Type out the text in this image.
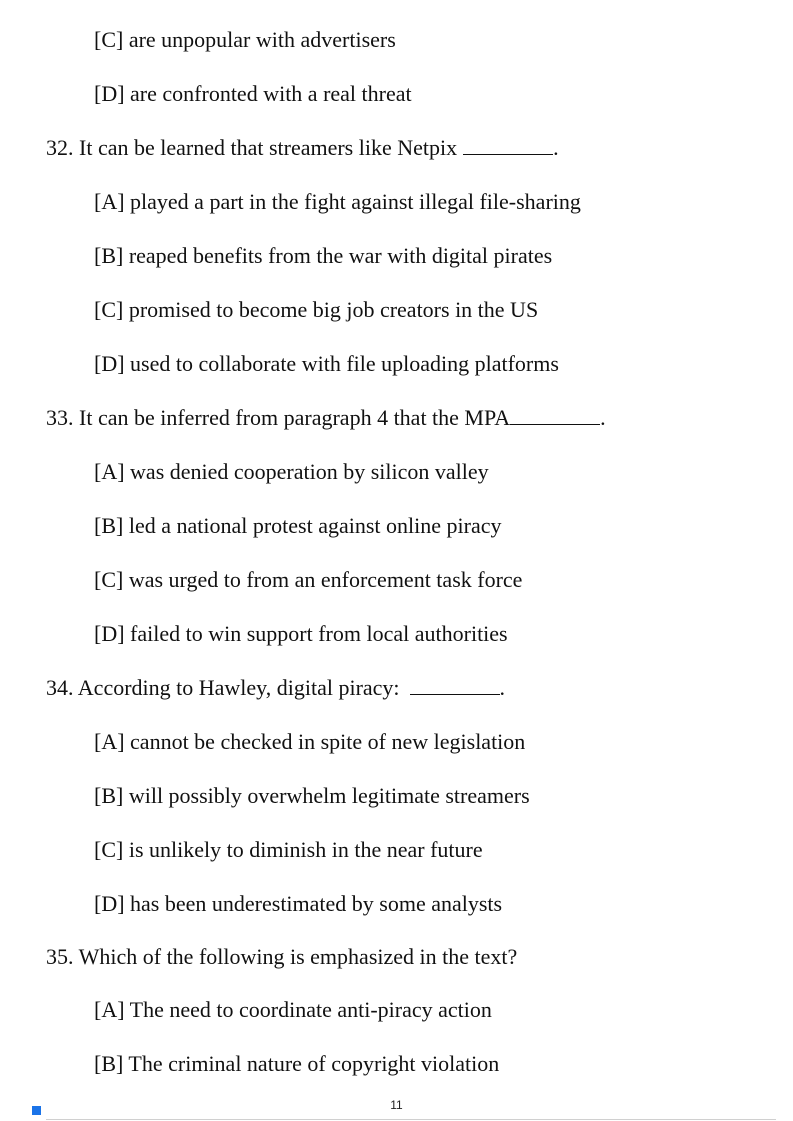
[C] are unpopular with advertisers
[D] are confronted with a real threat
32. It can be learned that streamers like Netpix	.
[A] played a part in the fight against illegal file-sharing
[B] reaped benefits from the war with digital pirates
[C] promised to become big job creators in the US
[D] used to collaborate with file uploading platforms
33. It can be inferred from paragraph 4 that the MPA	.
[A] was denied cooperation by silicon valley
[B] led a national protest against online piracy
[C] was urged to from an enforcement task force
[D] failed to win support from local authorities
34. According to Hawley, digital piracy:	.
[A] cannot be checked in spite of new legislation
[B] will possibly overwhelm legitimate streamers
[C] is unlikely to diminish in the near future
[D] has been underestimated by some analysts
35. Which of the following is emphasized in the text?
[A] The need to coordinate anti-piracy action
[B] The criminal nature of copyright violation
11
